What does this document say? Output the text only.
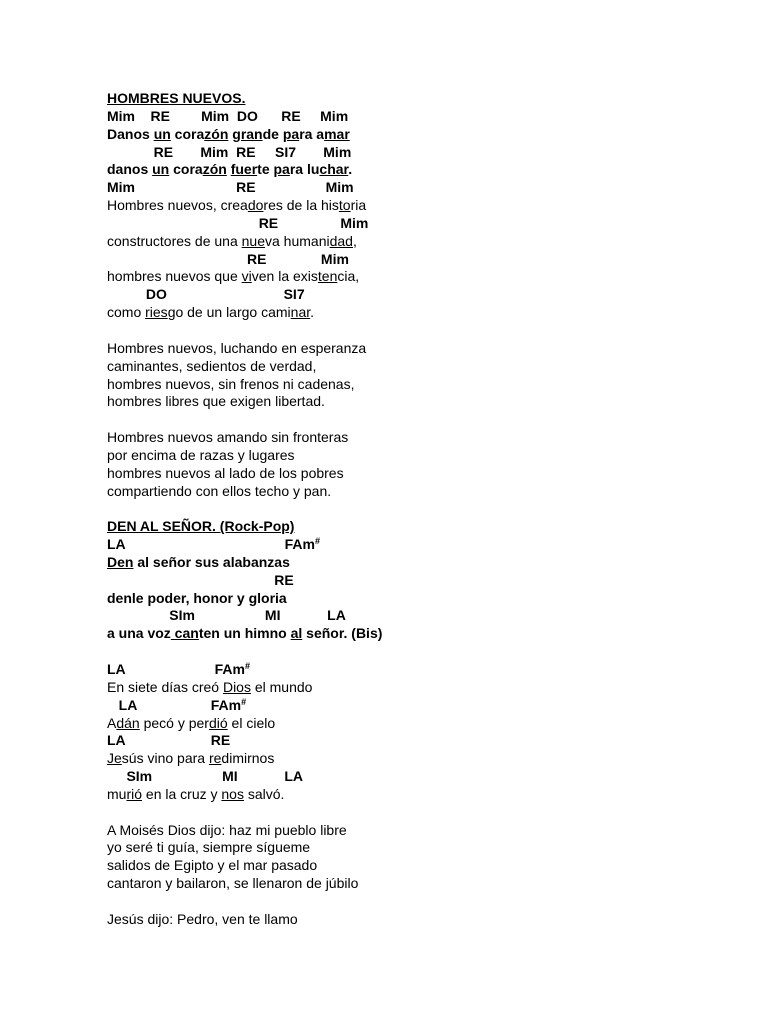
HOMBRES NUEVOS.
Mim    RE        Mim  DO      RE     Mim
Danos un corazón grande para amar
RE       Mim  RE     SI7       Mim
danos un corazón fuerte para luchar.
Mim                          RE                  Mim
Hombres nuevos, creadores de la historia
RE                Mim
constructores de una nueva humanidad,
RE              Mim
hombres nuevos que viven la existencia,
DO                              SI7
como riesgo de un largo caminar.
Hombres nuevos, luchando en esperanza
caminantes, sedientos de verdad,
hombres nuevos, sin frenos ni cadenas,
hombres libres que exigen libertad.
Hombres nuevos amando sin fronteras
por encima de razas y lugares
hombres nuevos al lado de los pobres
compartiendo con ellos techo y pan.
DEN AL SEÑOR. (Rock-Pop)
LA                                         FAm#
Den al señor sus alabanzas
RE
denle poder, honor y gloria
SIm                  MI            LA
a una voz canten un himno al señor. (Bis)
LA                       FAm#
En siete días creó Dios el mundo
LA                   FAm#
Adán pecó y perdió el cielo
LA                      RE
Jesús vino para redimirnos
SIm                  MI            LA
murió en la cruz y nos salvó.
A Moisés Dios dijo: haz mi pueblo libre
yo seré ti guía, siempre sígueme
salidos de Egipto y el mar pasado
cantaron y bailaron, se llenaron de júbilo
Jesús dijo: Pedro, ven te llamo
